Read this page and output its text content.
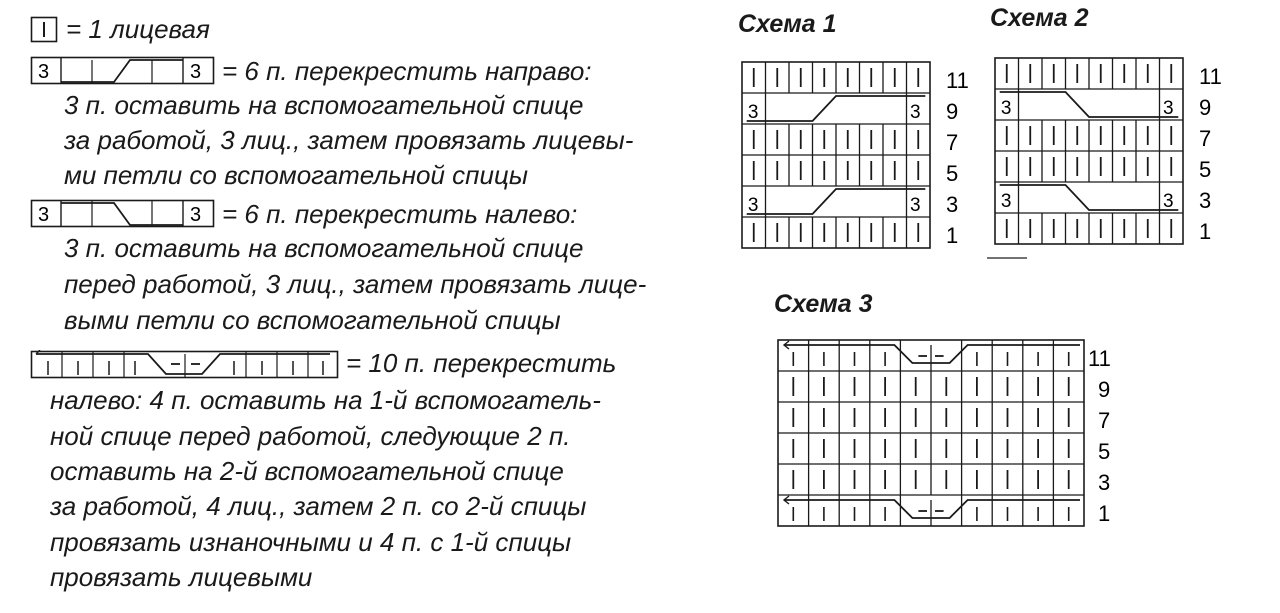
= 1 лицевая
3	3 = 6 п. перекрестить направо:
3 п. оставить на вспомогательной спице
за работой, 3 лиц., затем провязать лицевы-
ми петли со вспомогательной спицы
3	3 = 6 п. перекрестить налево:
3 п. оставить на вспомогательной спице
перед работой, 3 лиц., затем провязать лице-
выми петли со вспомогательной спицы
= 10 п. перекрестить
налево: 4 п. оставить на 1-й вспомогатель-
ной спице перед работой, следующие 2 п.
оставить на 2-й вспомогательной спице
за работой, 4 лиц., затем 2 п. со 2-й спицы
провязать изнаночными и 4 п. с 1-й спицы
провязать лицевыми
Схема 1
11
3	3 9
7
5
3	3 3
1
Схема 2
11
3	3 9
7
5
3	3 3
1
Схема 3
11
9
7
5
3
1
